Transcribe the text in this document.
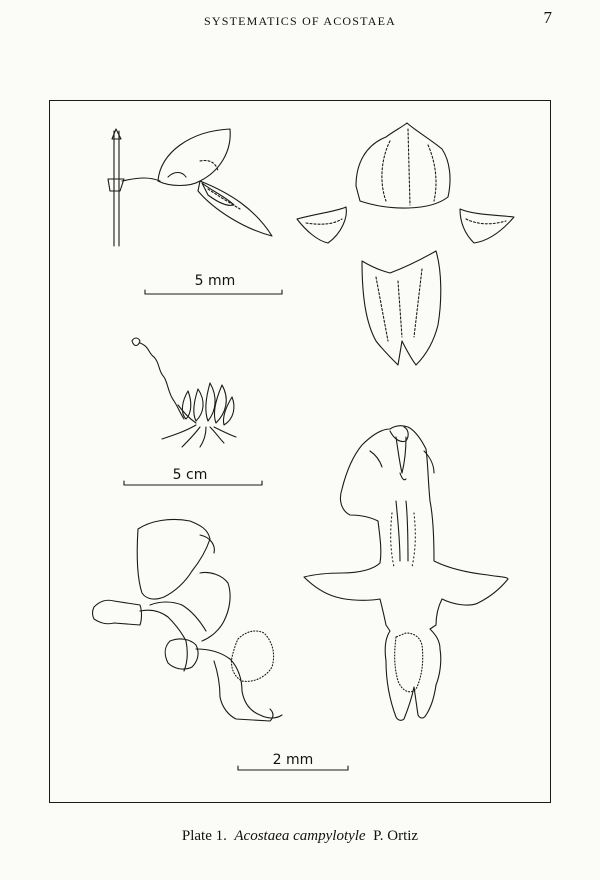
SYSTEMATICS OF ACOSTAEA	7
5 mm
5 cm
2 mm
Plate 1. Acostaea campylotyle P. Ortiz
